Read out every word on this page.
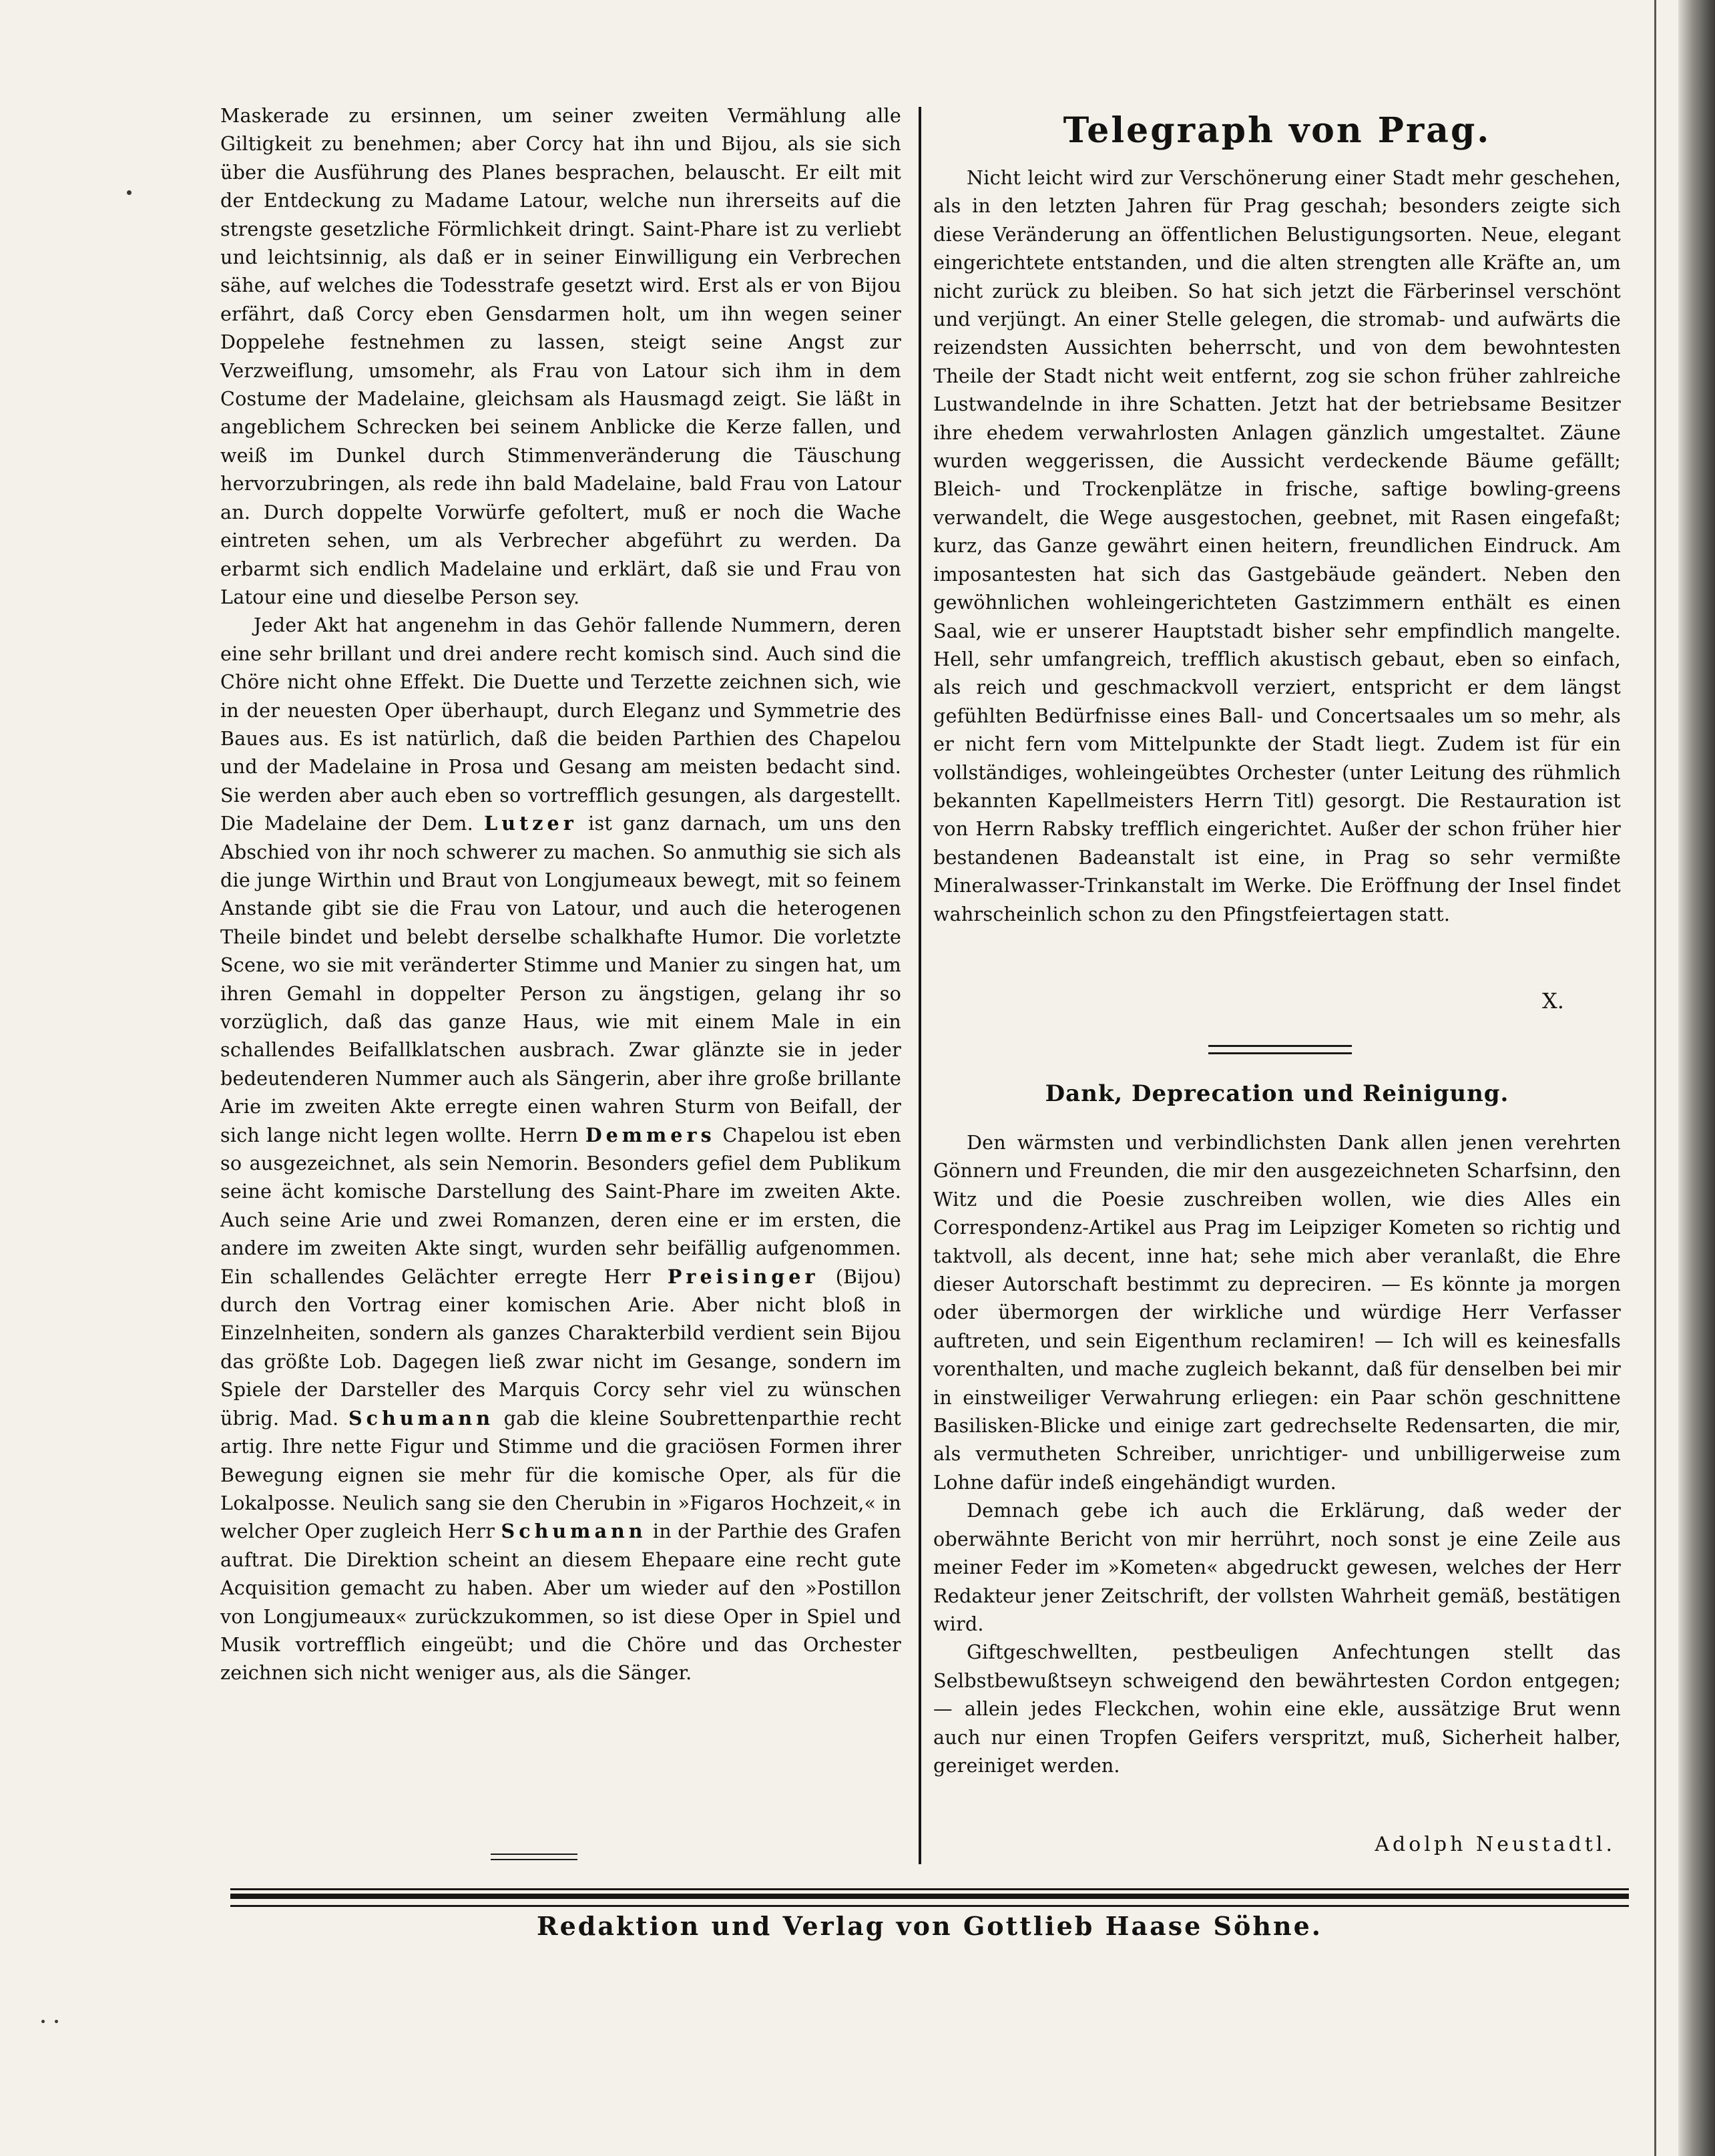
Maskerade zu ersinnen, um seiner zweiten Vermählung alle Giltigkeit zu benehmen; aber Corcy hat ihn und Bijou, als sie sich über die Ausführung des Planes besprachen, belauscht. Er eilt mit der Entdeckung zu Madame Latour, welche nun ihrerseits auf die strengste gesetzliche Förmlichkeit dringt. Saint-Phare ist zu verliebt und leichtsinnig, als daß er in seiner Einwilligung ein Verbrechen sähe, auf welches die Todesstrafe gesetzt wird. Erst als er von Bijou erfährt, daß Corcy eben Gensdarmen holt, um ihn wegen seiner Doppelehe festnehmen zu lassen, steigt seine Angst zur Verzweiflung, umsomehr, als Frau von Latour sich ihm in dem Costume der Madelaine, gleichsam als Hausmagd zeigt. Sie läßt in angeblichem Schrecken bei seinem Anblicke die Kerze fallen, und weiß im Dunkel durch Stimmenveränderung die Täuschung hervorzubringen, als rede ihn bald Madelaine, bald Frau von Latour an. Durch doppelte Vorwürfe gefoltert, muß er noch die Wache eintreten sehen, um als Verbrecher abgeführt zu werden. Da erbarmt sich endlich Madelaine und erklärt, daß sie und Frau von Latour eine und dieselbe Person sey.

Jeder Akt hat angenehm in das Gehör fallende Nummern, deren eine sehr brillant und drei andere recht komisch sind. Auch sind die Chöre nicht ohne Effekt. Die Duette und Terzette zeichnen sich, wie in der neuesten Oper überhaupt, durch Eleganz und Symmetrie des Baues aus. Es ist natürlich, daß die beiden Parthien des Chapelou und der Madelaine in Prosa und Gesang am meisten bedacht sind. Sie werden aber auch eben so vortrefflich gesungen, als dargestellt. Die Madelaine der Dem. Lutzer ist ganz darnach, um uns den Abschied von ihr noch schwerer zu machen. So anmuthig sie sich als die junge Wirthin und Braut von Longjumeaux bewegt, mit so feinem Anstande gibt sie die Frau von Latour, und auch die heterogenen Theile bindet und belebt derselbe schalkhafte Humor. Die vorletzte Scene, wo sie mit veränderter Stimme und Manier zu singen hat, um ihren Gemahl in doppelter Person zu ängstigen, gelang ihr so vorzüglich, daß das ganze Haus, wie mit einem Male in ein schallendes Beifallklatschen ausbrach. Zwar glänzte sie in jeder bedeutenderen Nummer auch als Sängerin, aber ihre große brillante Arie im zweiten Akte erregte einen wahren Sturm von Beifall, der sich lange nicht legen wollte. Herrn Demmers Chapelou ist eben so ausgezeichnet, als sein Nemorin. Besonders gefiel dem Publikum seine ächt komische Darstellung des Saint-Phare im zweiten Akte. Auch seine Arie und zwei Romanzen, deren eine er im ersten, die andere im zweiten Akte singt, wurden sehr beifällig aufgenommen. Ein schallendes Gelächter erregte Herr Preisinger (Bijou) durch den Vortrag einer komischen Arie. Aber nicht bloß in Einzelnheiten, sondern als ganzes Charakterbild verdient sein Bijou das größte Lob. Dagegen ließ zwar nicht im Gesange, sondern im Spiele der Darsteller des Marquis Corcy sehr viel zu wünschen übrig. Mad. Schumann gab die kleine Soubrettenparthie recht artig. Ihre nette Figur und Stimme und die graciösen Formen ihrer Bewegung eignen sie mehr für die komische Oper, als für die Lokalposse. Neulich sang sie den Cherubin in »Figaros Hochzeit,« in welcher Oper zugleich Herr Schumann in der Parthie des Grafen auftrat. Die Direktion scheint an diesem Ehepaare eine recht gute Acquisition gemacht zu haben. Aber um wieder auf den »Postillon von Longjumeaux« zurückzukommen, so ist diese Oper in Spiel und Musik vortrefflich eingeübt; und die Chöre und das Orchester zeichnen sich nicht weniger aus, als die Sänger.

Telegraph von Prag.

Nicht leicht wird zur Verschönerung einer Stadt mehr geschehen, als in den letzten Jahren für Prag geschah; besonders zeigte sich diese Veränderung an öffentlichen Belustigungsorten. Neue, elegant eingerichtete entstanden, und die alten strengten alle Kräfte an, um nicht zurück zu bleiben. So hat sich jetzt die Färberinsel verschönt und verjüngt. An einer Stelle gelegen, die stromab- und aufwärts die reizendsten Aussichten beherrscht, und von dem bewohntesten Theile der Stadt nicht weit entfernt, zog sie schon früher zahlreiche Lustwandelnde in ihre Schatten. Jetzt hat der betriebsame Besitzer ihre ehedem verwahrlosten Anlagen gänzlich umgestaltet. Zäune wurden weggerissen, die Aussicht verdeckende Bäume gefällt; Bleich- und Trockenplätze in frische, saftige bowling-greens verwandelt, die Wege ausgestochen, geebnet, mit Rasen eingefaßt; kurz, das Ganze gewährt einen heitern, freundlichen Eindruck. Am imposantesten hat sich das Gastgebäude geändert. Neben den gewöhnlichen wohleingerichteten Gastzimmern enthält es einen Saal, wie er unserer Hauptstadt bisher sehr empfindlich mangelte. Hell, sehr umfangreich, trefflich akustisch gebaut, eben so einfach, als reich und geschmackvoll verziert, entspricht er dem längst gefühlten Bedürfnisse eines Ball- und Concertsaales um so mehr, als er nicht fern vom Mittelpunkte der Stadt liegt. Zudem ist für ein vollständiges, wohleingeübtes Orchester (unter Leitung des rühmlich bekannten Kapellmeisters Herrn Titl) gesorgt. Die Restauration ist von Herrn Rabsky trefflich eingerichtet. Außer der schon früher hier bestandenen Badeanstalt ist eine, in Prag so sehr vermißte Mineralwasser-Trinkanstalt im Werke. Die Eröffnung der Insel findet wahrscheinlich schon zu den Pfingstfeiertagen statt.

X.
Dank, Deprecation und Reinigung.

Den wärmsten und verbindlichsten Dank allen jenen verehrten Gönnern und Freunden, die mir den ausgezeichneten Scharfsinn, den Witz und die Poesie zuschreiben wollen, wie dies Alles ein Correspondenz-Artikel aus Prag im Leipziger Kometen so richtig und taktvoll, als decent, inne hat; sehe mich aber veranlaßt, die Ehre dieser Autorschaft bestimmt zu depreciren. — Es könnte ja morgen oder übermorgen der wirkliche und würdige Herr Verfasser auftreten, und sein Eigenthum reclamiren! — Ich will es keinesfalls vorenthalten, und mache zugleich bekannt, daß für denselben bei mir in einstweiliger Verwahrung erliegen: ein Paar schön geschnittene Basilisken-Blicke und einige zart gedrechselte Redensarten, die mir, als vermutheten Schreiber, unrichtiger- und unbilligerweise zum Lohne dafür indeß eingehändigt wurden.

Demnach gebe ich auch die Erklärung, daß weder der oberwähnte Bericht von mir herrührt, noch sonst je eine Zeile aus meiner Feder im »Kometen« abgedruckt gewesen, welches der Herr Redakteur jener Zeitschrift, der vollsten Wahrheit gemäß, bestätigen wird.

Giftgeschwellten, pestbeuligen Anfechtungen stellt das Selbstbewußtseyn schweigend den bewährtesten Cordon entgegen; — allein jedes Fleckchen, wohin eine ekle, aussätzige Brut wenn auch nur einen Tropfen Geifers verspritzt, muß, Sicherheit halber, gereiniget werden.

Adolph Neustadtl.
Redaktion und Verlag von Gottlieb Haase Söhne.
